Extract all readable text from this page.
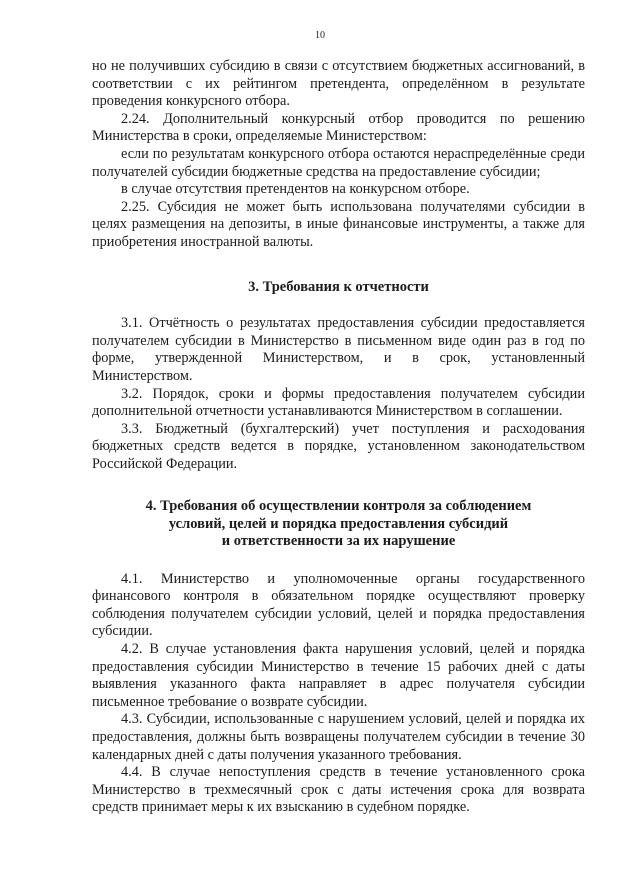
10

но не получивших субсидию в связи с отсутствием бюджетных ассигнований, в соответствии с их рейтингом претендента, определённом в результате проведения конкурсного отбора.

2.24. Дополнительный конкурсный отбор проводится по решению Министерства в сроки, определяемые Министерством:

если по результатам конкурсного отбора остаются нераспределённые среди получателей субсидии бюджетные средства на предоставление субсидии;

в случае отсутствия претендентов на конкурсном отборе.

2.25. Субсидия не может быть использована получателями субсидии в целях размещения на депозиты, в иные финансовые инструменты, а также для приобретения иностранной валюты.

3. Требования к отчетности

3.1. Отчётность о результатах предоставления субсидии предоставляется получателем субсидии в Министерство в письменном виде один раз в год по форме, утвержденной Министерством, и в срок, установленный Министерством.

3.2. Порядок, сроки и формы предоставления получателем субсидии дополнительной отчетности устанавливаются Министерством в соглашении.

3.3. Бюджетный (бухгалтерский) учет поступления и расходования бюджетных средств ведется в порядке, установленном законодательством Российской Федерации.

4. Требования об осуществлении контроля за соблюдением

условий, целей и порядка предоставления субсидий

и ответственности за их нарушение

4.1. Министерство и уполномоченные органы государственного финансового контроля в обязательном порядке осуществляют проверку соблюдения получателем субсидии условий, целей и порядка предоставления субсидии.

4.2. В случае установления факта нарушения условий, целей и порядка предоставления субсидии Министерство в течение 15 рабочих дней с даты выявления указанного факта направляет в адрес получателя субсидии письменное требование о возврате субсидии.

4.3. Субсидии, использованные с нарушением условий, целей и порядка их предоставления, должны быть возвращены получателем субсидии в течение 30 календарных дней с даты получения указанного требования.

4.4. В случае непоступления средств в течение установленного срока Министерство в трехмесячный срок с даты истечения срока для возврата средств принимает меры к их взысканию в судебном порядке.
